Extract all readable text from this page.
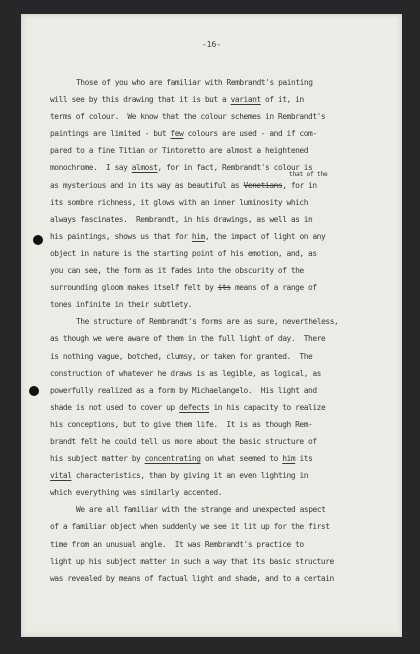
-16-
Those of you who are familiar with Rembrandt's painting
will see by this drawing that it is but a variant of it, in
terms of colour.  We know that the colour schemes in Rembrandt's
paintings are limited - but few colours are used - and if com-
pared to a fine Titian or Tintoretto are almost a heightened
monochrome.  I say almost, for in fact, Rembrandt's colour is
as mysterious and in its way as beautiful as Venetians, for in
its sombre richness, it glows with an inner luminosity which
always fascinates.  Rembrandt, in his drawings, as well as in
his paintings, shows us that for him, the impact of light on any
object in nature is the starting point of his emotion, and, as
you can see, the form as it fades into the obscurity of the
surrounding gloom makes itself felt by its means of a range of
tones infinite in their subtlety.
The structure of Rembrandt's forms are as sure, nevertheless,
as though we were aware of them in the full light of day.  There
is nothing vague, botched, clumsy, or taken for granted.  The
construction of whatever he draws is as legible, as logical, as
powerfully realized as a form by Michaelangelo.  His light and
shade is not used to cover up defects in his capacity to realize
his conceptions, but to give them life.  It is as though Rem-
brandt felt he could tell us more about the basic structure of
his subject matter by concentrating on what seemed to him its
vital characteristics, than by giving it an even lighting in
which everything was similarly accented.
We are all familiar with the strange and unexpected aspect
of a familiar object when suddenly we see it lit up for the first
time from an unusual angle.  It was Rembrandt's practice to
light up his subject matter in such a way that its basic structure
was revealed by means of factual light and shade, and to a certain
that of the
